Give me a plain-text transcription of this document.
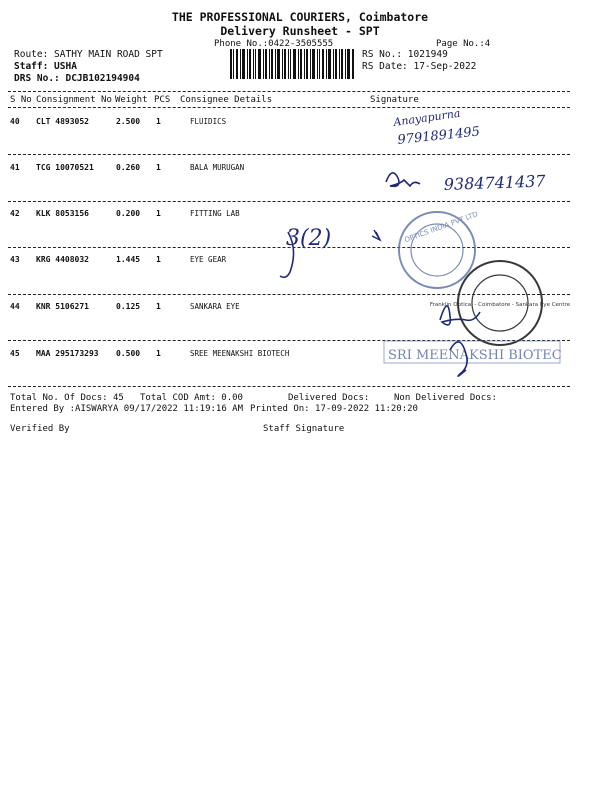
THE PROFESSIONAL COURIERS, Coimbatore
Delivery Runsheet - SPT
Phone No.:0422-3505555	Page No.:4
Route: SATHY MAIN ROAD SPT
Staff: USHA
DRS No.: DCJB102194904
RS No.: 1021949
RS Date: 17-Sep-2022
S No Consignment No Weight PCS Consignee Details	Signature
40 CLT 4893052	2.500 1	FLUIDICS
41 TCG 10070521	0.260 1	BALA MURUGAN
42 KLK 8053156	0.200 1	FITTING LAB
43 KRG 4408032	1.445 1	EYE GEAR
44 KNR 5106271	0.125 1	SANKARA EYE
45 MAA 295173293 0.500 1	SREE MEENAKSHI BIOTECH
Anayapurna
9791891495
9384741437
3(2)	OPTICS INDIA PVT LTD
Franklin Optical - Coimbatore - Sankara Eye Centre
SRI MEENAKSHI BIOTEC
Total No. Of Docs: 45 Total COD Amt: 0.00	Delivered Docs:	Non Delivered Docs:
Entered By :AISWARYA 09/17/2022 11:19:16 AM Printed On: 17-09-2022 11:20:20
Verified By	Staff Signature
